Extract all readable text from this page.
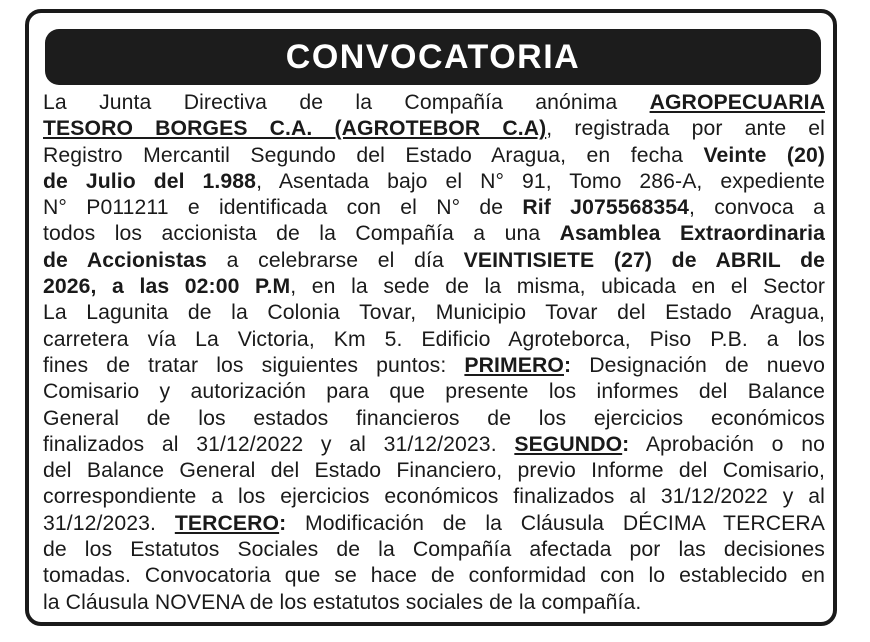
CONVOCATORIA
La Junta Directiva de la Compañía anónima AGROPECUARIA
TESORO BORGES C.A. (AGROTEBOR C.A), registrada por ante el
Registro Mercantil Segundo del Estado Aragua, en fecha Veinte (20)
de Julio del 1.988, Asentada bajo el N° 91, Tomo 286-A, expediente
N° P011211 e identificada con el N° de Rif J075568354, convoca a
todos los accionista de la Compañía a una Asamblea Extraordinaria
de Accionistas a celebrarse el día VEINTISIETE (27) de ABRIL de
2026, a las 02:00 P.M, en la sede de la misma, ubicada en el Sector
La Lagunita de la Colonia Tovar, Municipio Tovar del Estado Aragua,
carretera vía La Victoria, Km 5. Edificio Agroteborca, Piso P.B. a los
fines de tratar los siguientes puntos: PRIMERO: Designación de nuevo
Comisario y autorización para que presente los informes del Balance
General de los estados financieros de los ejercicios económicos
finalizados al 31/12/2022 y al 31/12/2023. SEGUNDO: Aprobación o no
del Balance General del Estado Financiero, previo Informe del Comisario,
correspondiente a los ejercicios económicos finalizados al 31/12/2022 y al
31/12/2023. TERCERO: Modificación de la Cláusula DÉCIMA TERCERA
de los Estatutos Sociales de la Compañía afectada por las decisiones
tomadas. Convocatoria que se hace de conformidad con lo establecido en
la Cláusula NOVENA de los estatutos sociales de la compañía.
